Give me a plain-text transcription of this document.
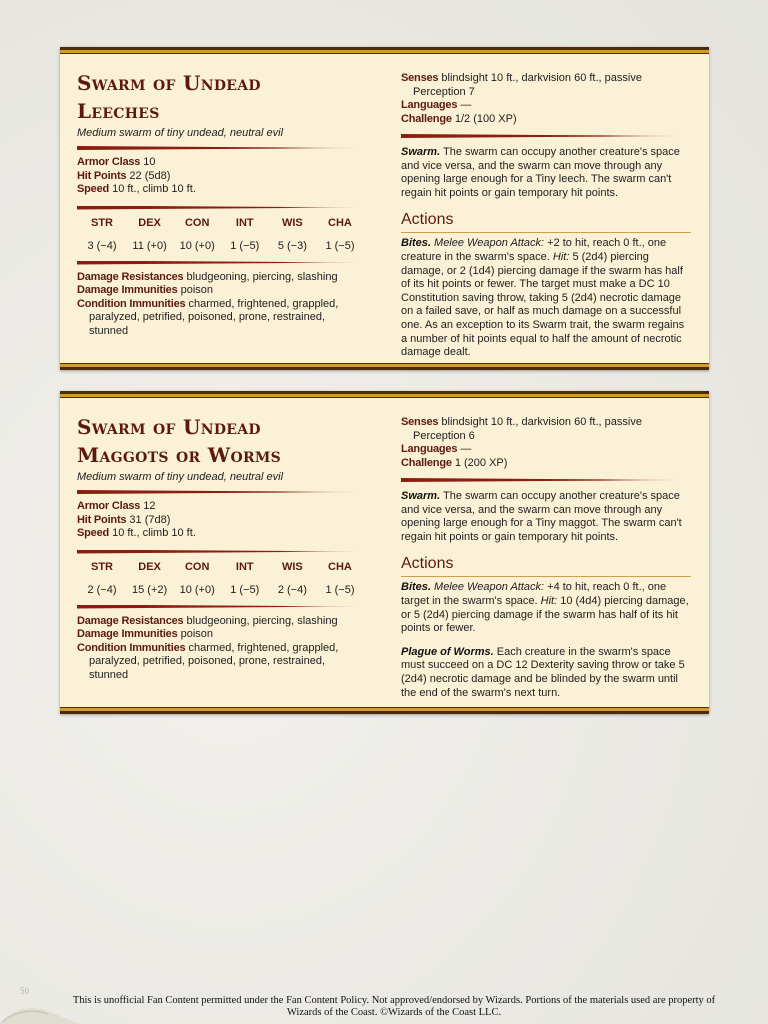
Swarm of Undead
Leeches
Medium swarm of tiny undead, neutral evil
Armor Class 10
Hit Points 22 (5d8)
Speed 10 ft., climb 10 ft.
STR
3 (−4)
DEX
11 (+0)
CON
10 (+0)
INT
1 (−5)
WIS
5 (−3)
CHA
1 (−5)
Damage Resistances bludgeoning, piercing, slashing
Damage Immunities poison
Condition Immunities charmed, frightened, grappled, paralyzed, petrified, poisoned, prone, restrained, stunned
Senses blindsight 10 ft., darkvision 60 ft., passive Perception 7
Languages —
Challenge 1/2 (100 XP)

Swarm. The swarm can occupy another creature's space and vice versa, and the swarm can move through any opening large enough for a Tiny leech. The swarm can't regain hit points or gain temporary hit points.

Actions

Bites. Melee Weapon Attack: +2 to hit, reach 0 ft., one creature in the swarm's space. Hit: 5 (2d4) piercing damage, or 2 (1d4) piercing damage if the swarm has half of its hit points or fewer. The target must make a DC 10 Constitution saving throw, taking 5 (2d4) necrotic damage on a failed save, or half as much damage on a successful one. As an exception to its Swarm trait, the swarm regains a number of hit points equal to half the amount of necrotic damage dealt.

Swarm of Undead
Maggots or Worms
Medium swarm of tiny undead, neutral evil
Armor Class 12
Hit Points 31 (7d8)
Speed 10 ft., climb 10 ft.
STR
2 (−4)
DEX
15 (+2)
CON
10 (+0)
INT
1 (−5)
WIS
2 (−4)
CHA
1 (−5)
Damage Resistances bludgeoning, piercing, slashing
Damage Immunities poison
Condition Immunities charmed, frightened, grappled, paralyzed, petrified, poisoned, prone, restrained, stunned
Senses blindsight 10 ft., darkvision 60 ft., passive Perception 6
Languages —
Challenge 1 (200 XP)

Swarm. The swarm can occupy another creature's space and vice versa, and the swarm can move through any opening large enough for a Tiny maggot. The swarm can't regain hit points or gain temporary hit points.

Actions

Bites. Melee Weapon Attack: +4 to hit, reach 0 ft., one target in the swarm's space. Hit: 10 (4d4) piercing damage, or 5 (2d4) piercing damage if the swarm has half of its hit points or fewer.

Plague of Worms. Each creature in the swarm's space must succeed on a DC 12 Dexterity saving throw or take 5 (2d4) necrotic damage and be blinded by the swarm until the end of the swarm's next turn.

50
This is unofficial Fan Content permitted under the Fan Content Policy. Not approved/endorsed by Wizards. Portions of the materials used are property of Wizards of the Coast. ©Wizards of the Coast LLC.
